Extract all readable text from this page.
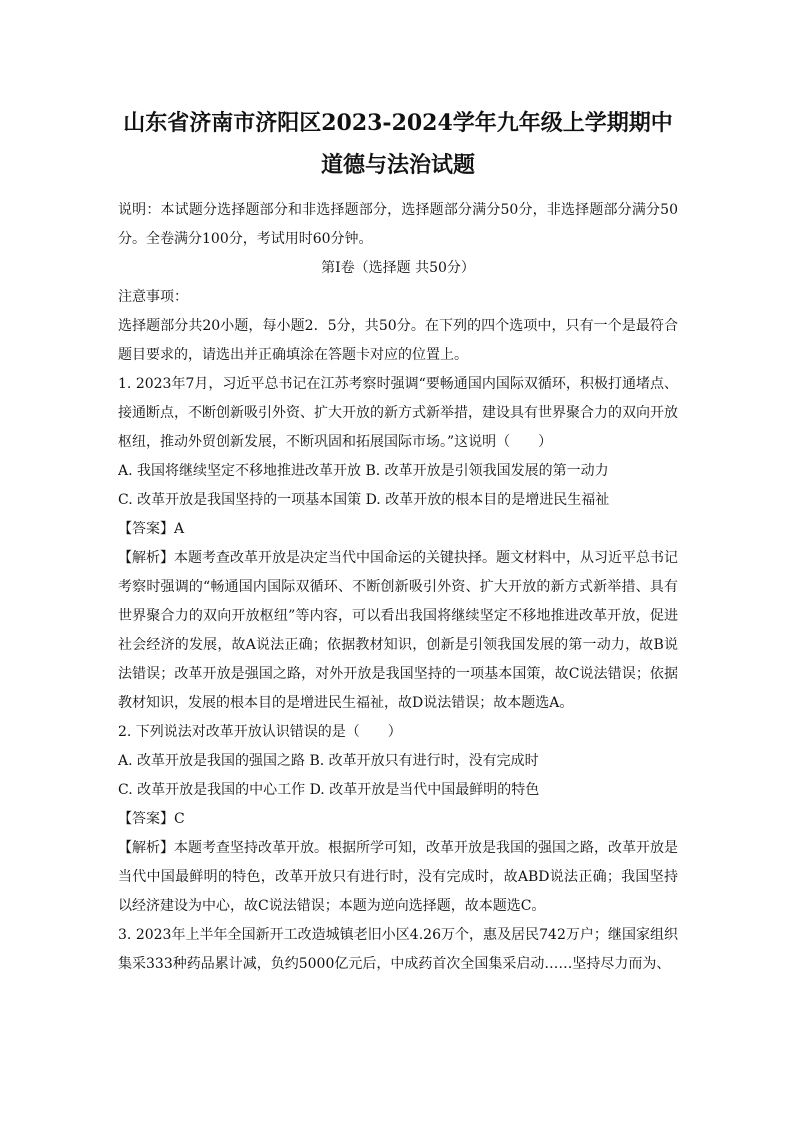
山东省济南市济阳区2023-2024学年九年级上学期期中
道德与法治试题
说明：本试题分选择题部分和非选择题部分，选择题部分满分50分，非选择题部分满分50分。全卷满分100分，考试用时60分钟。
第Ⅰ卷（选择题 共50分）
注意事项：
选择题部分共20小题，每小题2．5分，共50分。在下列的四个选项中，只有一个是最符合题目要求的，请选出并正确填涂在答题卡对应的位置上。
1. 2023年7月，习近平总书记在江苏考察时强调“要畅通国内国际双循环，积极打通堵点、接通断点，不断创新吸引外资、扩大开放的新方式新举措，建设具有世界聚合力的双向开放枢纽，推动外贸创新发展，不断巩固和拓展国际市场。”这说明（　　）
A. 我国将继续坚定不移地推进改革开放 B. 改革开放是引领我国发展的第一动力
C. 改革开放是我国坚持的一项基本国策 D. 改革开放的根本目的是增进民生福祉
【答案】A
【解析】本题考查改革开放是决定当代中国命运的关键抉择。题文材料中，从习近平总书记考察时强调的“畅通国内国际双循环、不断创新吸引外资、扩大开放的新方式新举措、具有世界聚合力的双向开放枢纽”等内容，可以看出我国将继续坚定不移地推进改革开放，促进社会经济的发展，故A说法正确；依据教材知识，创新是引领我国发展的第一动力，故B说法错误；改革开放是强国之路，对外开放是我国坚持的一项基本国策，故C说法错误；依据教材知识，发展的根本目的是增进民生福祉，故D说法错误；故本题选A。
2. 下列说法对改革开放认识错误的是（　　）
A. 改革开放是我国的强国之路 B. 改革开放只有进行时，没有完成时
C. 改革开放是我国的中心工作 D. 改革开放是当代中国最鲜明的特色
【答案】C
【解析】本题考查坚持改革开放。根据所学可知，改革开放是我国的强国之路，改革开放是当代中国最鲜明的特色，改革开放只有进行时，没有完成时，故ABD说法正确；我国坚持以经济建设为中心，故C说法错误；本题为逆向选择题，故本题选C。
3. 2023年上半年全国新开工改造城镇老旧小区4.26万个，惠及居民742万户；继国家组织集采333种药品累计减，负约5000亿元后，中成药首次全国集采启动……坚持尽力而为、
